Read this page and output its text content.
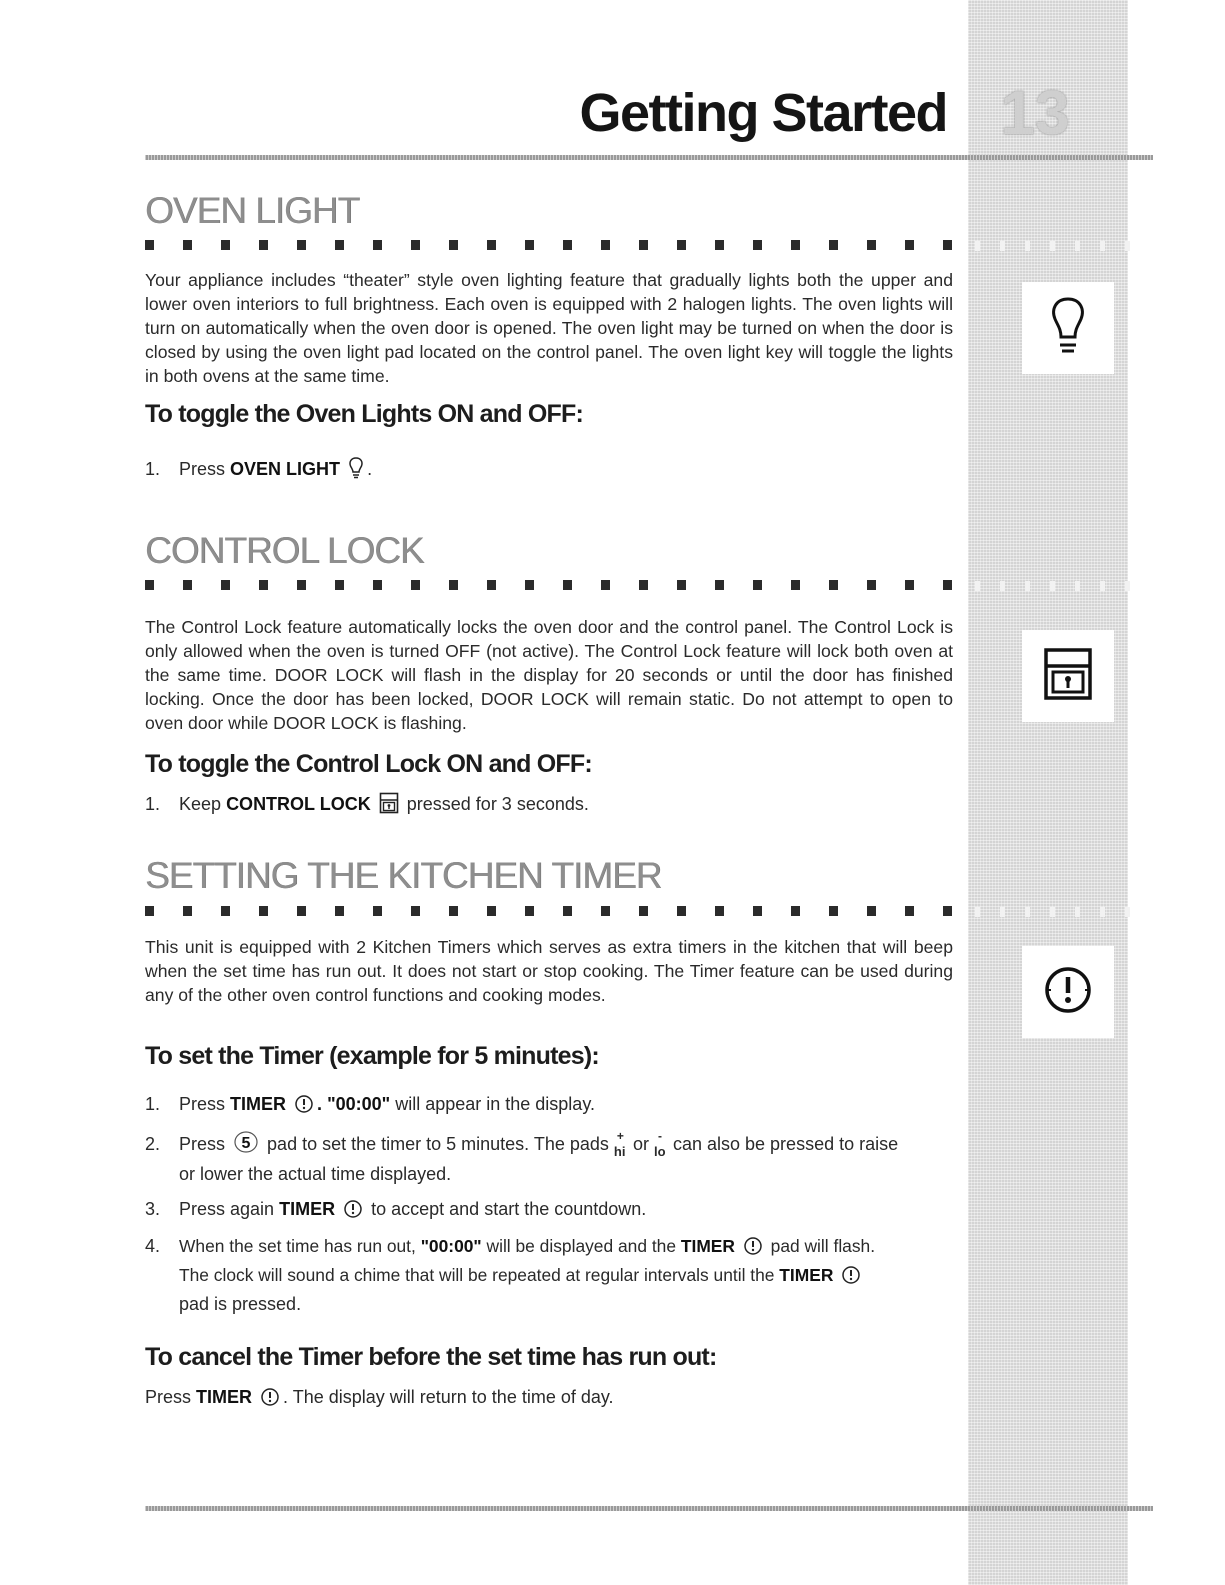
Getting Started 13
OVEN LIGHT

Your appliance includes “theater” style oven lighting feature that gradually lights both the upper and lower oven interiors to full brightness. Each oven is equipped with 2 halogen lights. The oven lights will turn on automatically when the oven door is opened. The oven light may be turned on when the door is closed by using the oven light pad located on the control panel. The oven light key will toggle the lights in both ovens at the same time.

To toggle the Oven Lights ON and OFF:
1. Press OVEN LIGHT .
CONTROL LOCK

The Control Lock feature automatically locks the oven door and the control panel. The Control Lock is only allowed when the oven is turned OFF (not active). The Control Lock feature will lock both oven at the same time. DOOR LOCK will flash in the display for 20 seconds or until the door has finished locking. Once the door has been locked, DOOR LOCK will remain static. Do not attempt to open to oven door while DOOR LOCK is flashing.

To toggle the Control Lock ON and OFF:
1. Keep CONTROL LOCK pressed for 3 seconds.
SETTING THE KITCHEN TIMER

This unit is equipped with 2 Kitchen Timers which serves as extra timers in the kitchen that will beep when the set time has run out. It does not start or stop cooking. The Timer feature can be used during any of the other oven control functions and cooking modes.

To set the Timer (example for 5 minutes):
1. Press TIMER . "00:00" will appear in the display.
2. Press 5 pad to set the timer to 5 minutes. The pads +
$_{hi}$ or -
$_{lo}$ can also be pressed to raise
or lower the actual time displayed.
3. Press again TIMER to accept and start the countdown.
4. When the set time has run out, "00:00" will be displayed and the TIMER pad will flash.
The clock will sound a chime that will be repeated at regular intervals until the TIMER
pad is pressed.
To cancel the Timer before the set time has run out:
Press TIMER . The display will return to the time of day.
